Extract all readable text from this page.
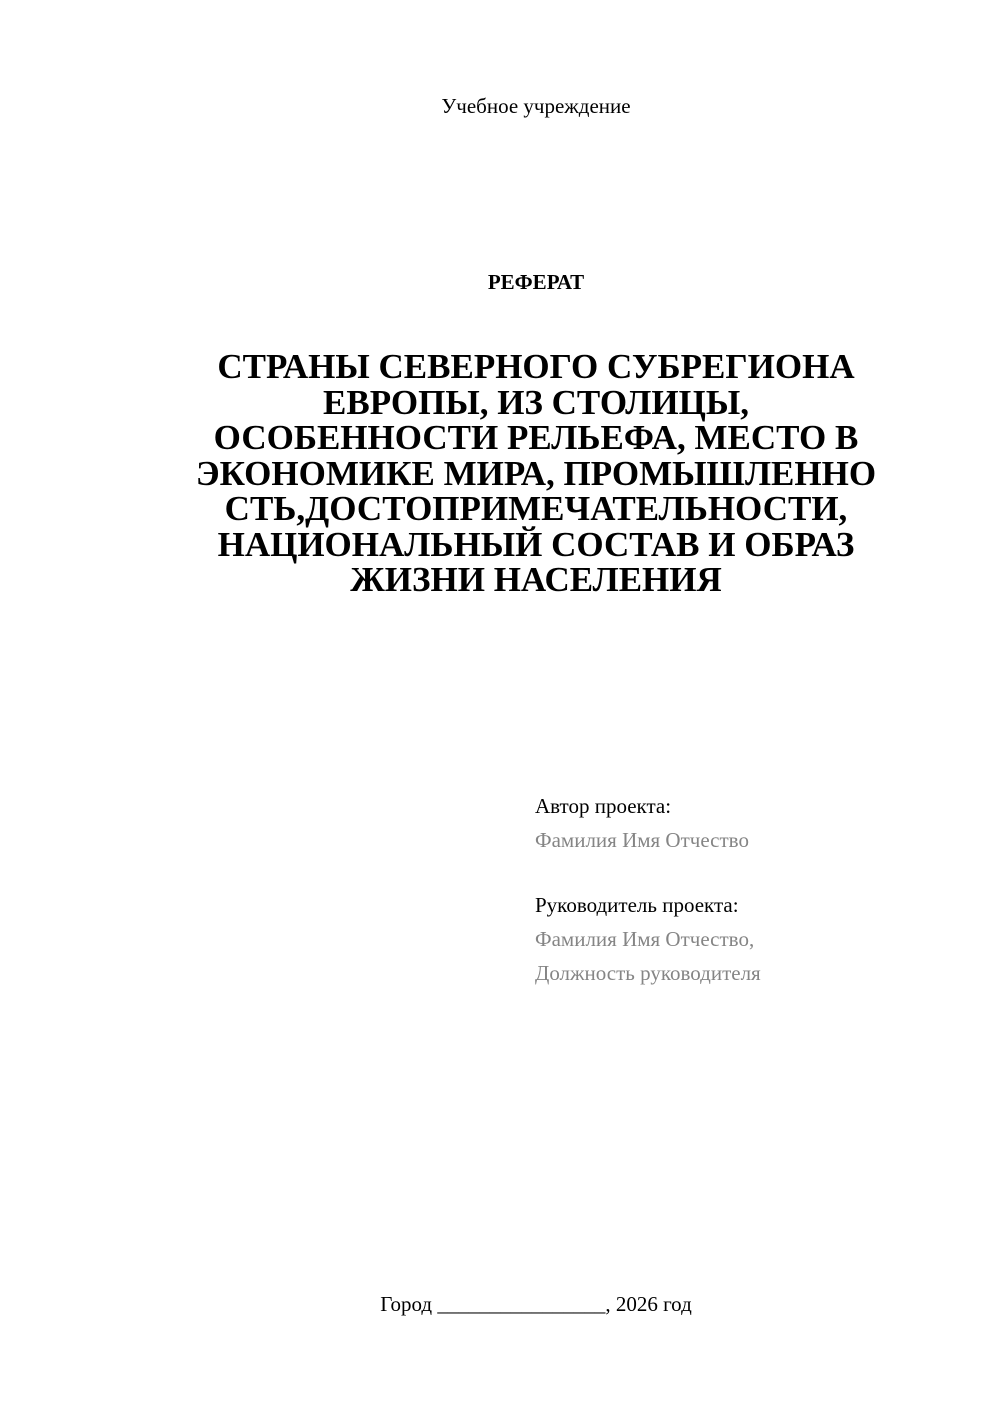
Учебное учреждение
РЕФЕРАТ
СТРАНЫ СЕВЕРНОГО СУБРЕГИОНА
ЕВРОПЫ, ИЗ СТОЛИЦЫ,
ОСОБЕННОСТИ РЕЛЬЕФА, МЕСТО В
ЭКОНОМИКЕ МИРА, ПРОМЫШЛЕННО
СТЬ,ДОСТОПРИМЕЧАТЕЛЬНОСТИ,
НАЦИОНАЛЬНЫЙ СОСТАВ И ОБРАЗ
ЖИЗНИ НАСЕЛЕНИЯ
Автор проекта:
Фамилия Имя Отчество
Руководитель проекта:
Фамилия Имя Отчество,
Должность руководителя
Город ________________, 2026 год
